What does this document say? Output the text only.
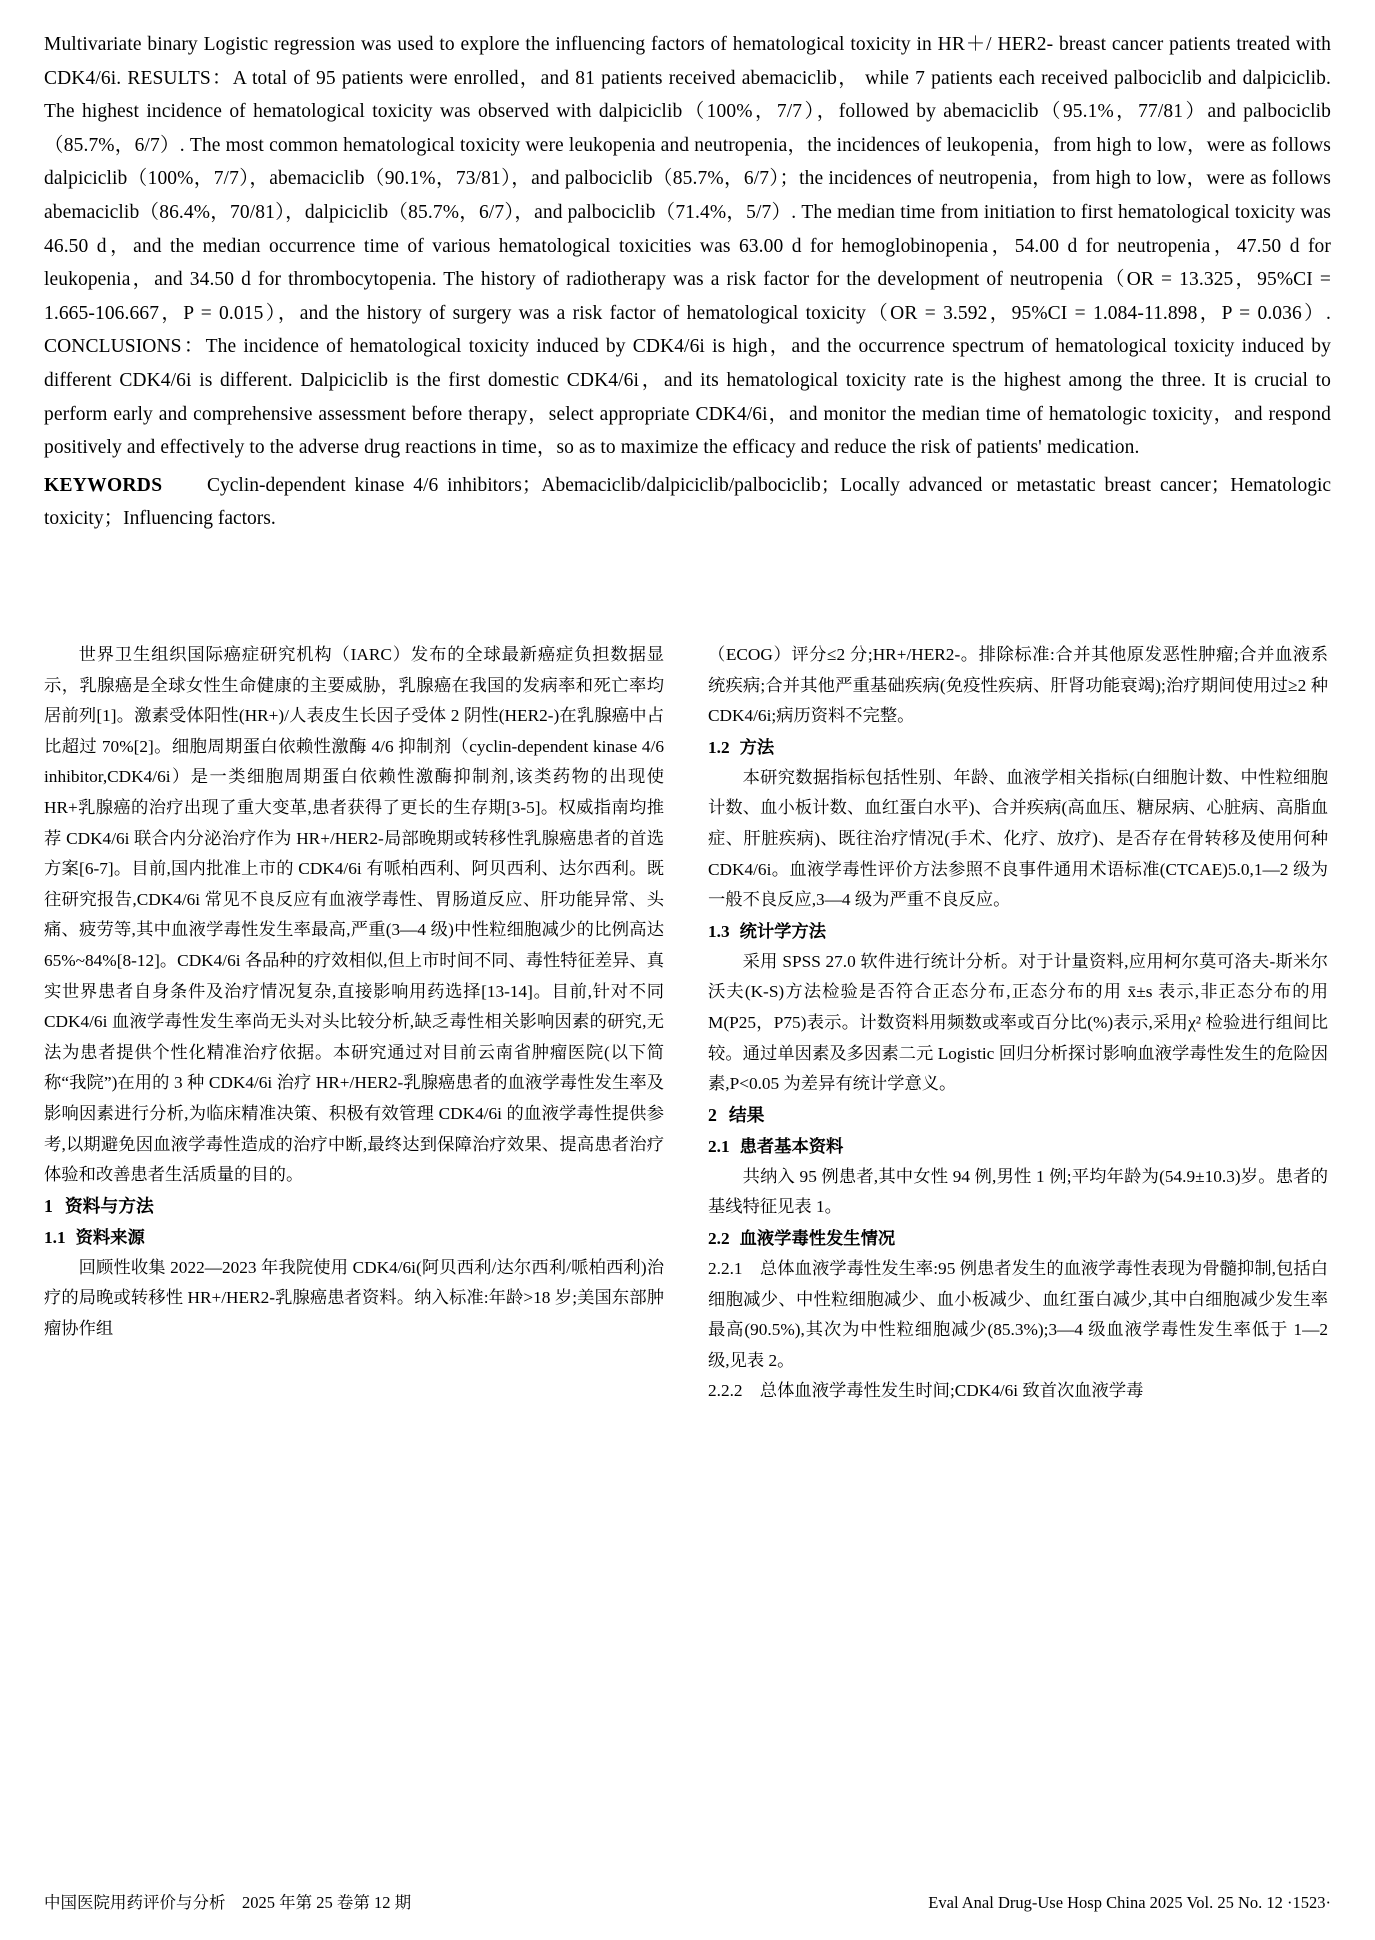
Multivariate binary Logistic regression was used to explore the influencing factors of hematological toxicity in HR＋/ HER2- breast cancer patients treated with CDK4/6i. RESULTS：A total of 95 patients were enrolled，and 81 patients received abemaciclib， while 7 patients each received palbociclib and dalpiciclib. The highest incidence of hematological toxicity was observed with dalpiciclib（100%，7/7），followed by abemaciclib（95.1%，77/81）and palbociclib（85.7%，6/7）. The most common hematological toxicity were leukopenia and neutropenia，the incidences of leukopenia，from high to low，were as follows dalpiciclib（100%，7/7），abemaciclib（90.1%，73/81），and palbociclib（85.7%，6/7）；the incidences of neutropenia，from high to low，were as follows abemaciclib（86.4%，70/81），dalpiciclib（85.7%，6/7），and palbociclib（71.4%，5/7）. The median time from initiation to first hematological toxicity was 46.50 d，and the median occurrence time of various hematological toxicities was 63.00 d for hemoglobinopenia，54.00 d for neutropenia，47.50 d for leukopenia，and 34.50 d for thrombocytopenia. The history of radiotherapy was a risk factor for the development of neutropenia（OR = 13.325，95%CI = 1.665-106.667，P = 0.015），and the history of surgery was a risk factor of hematological toxicity（OR = 3.592，95%CI = 1.084-11.898，P = 0.036）. CONCLUSIONS：The incidence of hematological toxicity induced by CDK4/6i is high，and the occurrence spectrum of hematological toxicity induced by different CDK4/6i is different. Dalpiciclib is the first domestic CDK4/6i，and its hematological toxicity rate is the highest among the three. It is crucial to perform early and comprehensive assessment before therapy，select appropriate CDK4/6i，and monitor the median time of hematologic toxicity，and respond positively and effectively to the adverse drug reactions in time，so as to maximize the efficacy and reduce the risk of patients' medication.

KEYWORDS Cyclin-dependent kinase 4/6 inhibitors；Abemaciclib/dalpiciclib/palbociclib；Locally advanced or metastatic breast cancer；Hematologic toxicity；Influencing factors.

世界卫生组织国际癌症研究机构（IARC）发布的全球最新癌症负担数据显示，乳腺癌是全球女性生命健康的主要威胁，乳腺癌在我国的发病率和死亡率均居前列[1]。激素受体阳性(HR+)/人表皮生长因子受体 2 阴性(HER2-)在乳腺癌中占比超过 70%[2]。细胞周期蛋白依赖性激酶 4/6 抑制剂（cyclin-dependent kinase 4/6 inhibitor,CDK4/6i）是一类细胞周期蛋白依赖性激酶抑制剂,该类药物的出现使 HR+乳腺癌的治疗出现了重大变革,患者获得了更长的生存期[3-5]。权威指南均推荐 CDK4/6i 联合内分泌治疗作为 HR+/HER2-局部晚期或转移性乳腺癌患者的首选方案[6-7]。目前,国内批准上市的 CDK4/6i 有哌柏西利、阿贝西利、达尔西利。既往研究报告,CDK4/6i 常见不良反应有血液学毒性、胃肠道反应、肝功能异常、头痛、疲劳等,其中血液学毒性发生率最高,严重(3—4 级)中性粒细胞减少的比例高达 65%~84%[8-12]。CDK4/6i 各品种的疗效相似,但上市时间不同、毒性特征差异、真实世界患者自身条件及治疗情况复杂,直接影响用药选择[13-14]。目前,针对不同 CDK4/6i 血液学毒性发生率尚无头对头比较分析,缺乏毒性相关影响因素的研究,无法为患者提供个性化精准治疗依据。本研究通过对目前云南省肿瘤医院(以下简称“我院”)在用的 3 种 CDK4/6i 治疗 HR+/HER2-乳腺癌患者的血液学毒性发生率及影响因素进行分析,为临床精准决策、积极有效管理 CDK4/6i 的血液学毒性提供参考,以期避免因血液学毒性造成的治疗中断,最终达到保障治疗效果、提高患者治疗体验和改善患者生活质量的目的。

1 资料与方法

1.1 资料来源

回顾性收集 2022—2023 年我院使用 CDK4/6i(阿贝西利/达尔西利/哌柏西利)治疗的局晚或转移性 HR+/HER2-乳腺癌患者资料。纳入标准:年龄>18 岁;美国东部肿瘤协作组

（ECOG）评分≤2 分;HR+/HER2-。排除标准:合并其他原发恶性肿瘤;合并血液系统疾病;合并其他严重基础疾病(免疫性疾病、肝肾功能衰竭);治疗期间使用过≥2 种 CDK4/6i;病历资料不完整。

1.2 方法

本研究数据指标包括性别、年龄、血液学相关指标(白细胞计数、中性粒细胞计数、血小板计数、血红蛋白水平)、合并疾病(高血压、糖尿病、心脏病、高脂血症、肝脏疾病)、既往治疗情况(手术、化疗、放疗)、是否存在骨转移及使用何种 CDK4/6i。血液学毒性评价方法参照不良事件通用术语标准(CTCAE)5.0,1—2 级为一般不良反应,3—4 级为严重不良反应。

1.3 统计学方法

采用 SPSS 27.0 软件进行统计分析。对于计量资料,应用柯尔莫可洛夫-斯米尔沃夫(K-S)方法检验是否符合正态分布,正态分布的用 x̄±s 表示,非正态分布的用 M(P25，P75)表示。计数资料用频数或率或百分比(%)表示,采用χ² 检验进行组间比较。通过单因素及多因素二元 Logistic 回归分析探讨影响血液学毒性发生的危险因素,P<0.05 为差异有统计学意义。

2 结果

2.1 患者基本资料

共纳入 95 例患者,其中女性 94 例,男性 1 例;平均年龄为(54.9±10.3)岁。患者的基线特征见表 1。

2.2 血液学毒性发生情况

2.2.1　总体血液学毒性发生率:95 例患者发生的血液学毒性表现为骨髓抑制,包括白细胞减少、中性粒细胞减少、血小板减少、血红蛋白减少,其中白细胞减少发生率最高(90.5%),其次为中性粒细胞减少(85.3%);3—4 级血液学毒性发生率低于 1—2 级,见表 2。

2.2.2　总体血液学毒性发生时间;CDK4/6i 致首次血液学毒

中国医院用药评价与分析　2025 年第 25 卷第 12 期	Eval Anal Drug-Use Hosp China 2025 Vol. 25 No. 12 ·1523·
